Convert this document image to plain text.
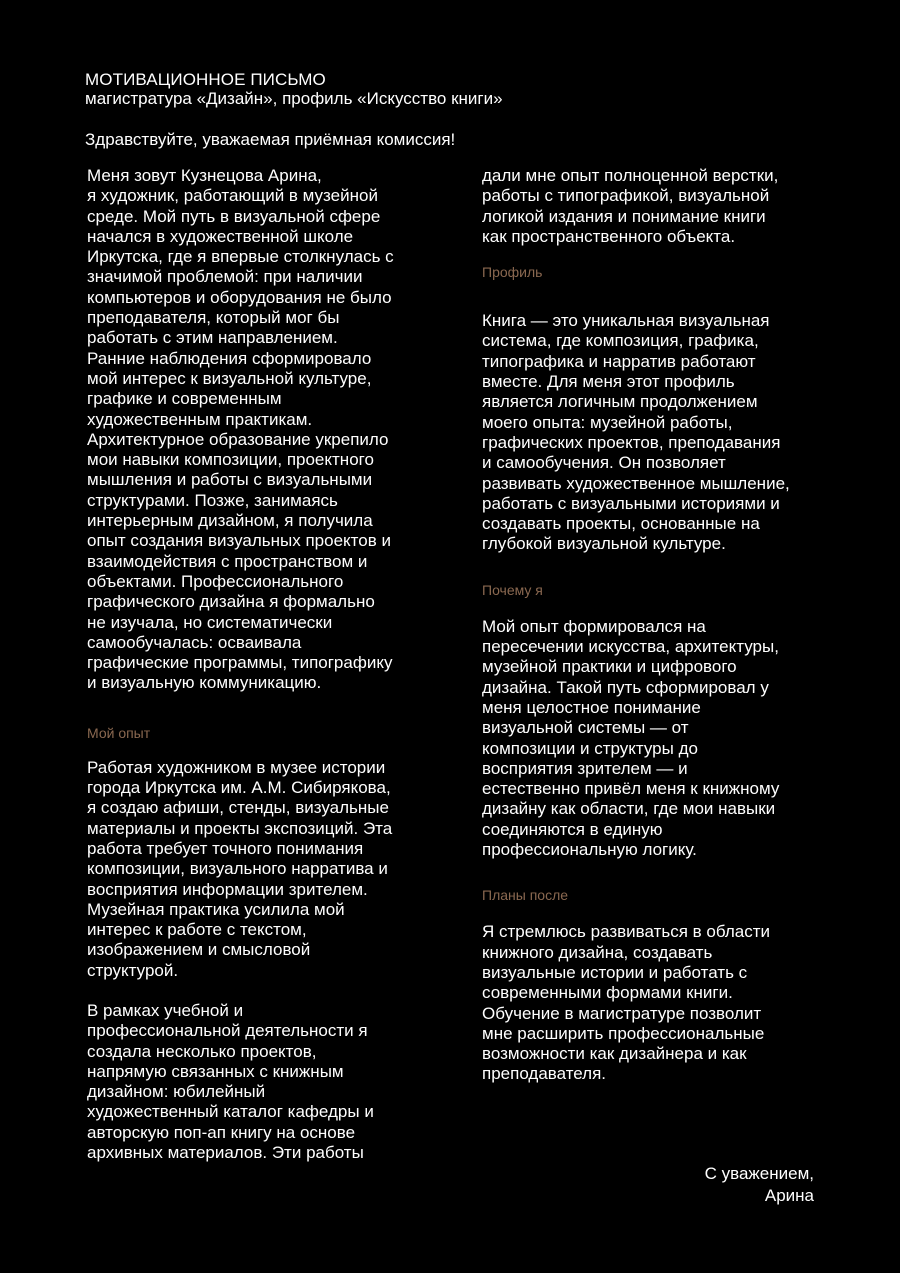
МОТИВАЦИОННОЕ ПИСЬМО
магистратура «Дизайн», профиль «Искусство книги»
Здравствуйте, уважаемая приёмная комиссия!

Меня зовут Кузнецова Арина,
я художник, работающий в музейной
среде. Мой путь в визуальной сфере
начался в художественной школе
Иркутска, где я впервые столкнулась с
значимой проблемой: при наличии
компьютеров и оборудования не было
преподавателя, который мог бы
работать с этим направлением.
Ранние наблюдения сформировало
мой интерес к визуальной культуре,
графике и современным
художественным практикам.
Архитектурное образование укрепило
мои навыки композиции, проектного
мышления и работы с визуальными
структурами. Позже, занимаясь
интерьерным дизайном, я получила
опыт создания визуальных проектов и
взаимодействия с пространством и
объектами. Профессионального
графического дизайна я формально
не изучала, но систематически
самообучалась: осваивала
графические программы, типографику
и визуальную коммуникацию.

Мой опыт

Работая художником в музее истории
города Иркутска им. А.М. Сибирякова,
я создаю афиши, стенды, визуальные
материалы и проекты экспозиций. Эта
работа требует точного понимания
композиции, визуального нарратива и
восприятия информации зрителем.
Музейная практика усилила мой
интерес к работе с текстом,
изображением и смысловой
структурой.

В рамках учебной и
профессиональной деятельности я
создала несколько проектов,
напрямую связанных с книжным
дизайном: юбилейный
художественный каталог кафедры и
авторскую поп-ап книгу на основе
архивных материалов. Эти работы

дали мне опыт полноценной верстки,
работы с типографикой, визуальной
логикой издания и понимание книги
как пространственного объекта.

Профиль

Книга — это уникальная визуальная
система, где композиция, графика,
типографика и нарратив работают
вместе. Для меня этот профиль
является логичным продолжением
моего опыта: музейной работы,
графических проектов, преподавания
и самообучения. Он позволяет
развивать художественное мышление,
работать с визуальными историями и
создавать проекты, основанные на
глубокой визуальной культуре.

Почему я

Мой опыт формировался на
пересечении искусства, архитектуры,
музейной практики и цифрового
дизайна. Такой путь сформировал у
меня целостное понимание
визуальной системы — от
композиции и структуры до
восприятия зрителем — и
естественно привёл меня к книжному
дизайну как области, где мои навыки
соединяются в единую
профессиональную логику.

Планы после

Я стремлюсь развиваться в области
книжного дизайна, создавать
визуальные истории и работать с
современными формами книги.
Обучение в магистратуре позволит
мне расширить профессиональные
возможности как дизайнера и как
преподавателя.

С уважением,
Арина
